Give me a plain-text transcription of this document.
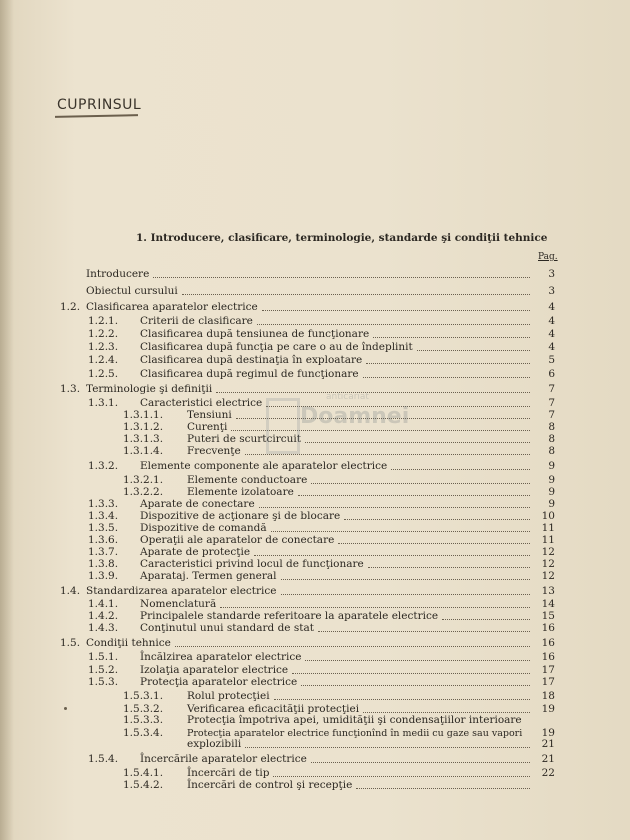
CUPRINSUL
1. Introducere, clasificare, terminologie, standarde şi condiţii tehnice
Pag.
Introducere	3
Obiectul cursului	3
1.2. Clasificarea aparatelor electrice	4
1.2.1. Criterii de clasificare	4
1.2.2. Clasificarea după tensiunea de funcţionare	4
1.2.3. Clasificarea după funcţia pe care o au de îndeplinit	4
1.2.4. Clasificarea după destinaţia în exploatare	5
1.2.5. Clasificarea după regimul de funcţionare	6
1.3. Terminologie şi definiţii	7
1.3.1. Caracteristici electrice	7
1.3.1.1. Tensiuni	7
1.3.1.2. Curenţi	8
1.3.1.3. Puteri de scurtcircuit	8
1.3.1.4. Frecvenţe	8
1.3.2. Elemente componente ale aparatelor electrice	9
1.3.2.1. Elemente conductoare	9
1.3.2.2. Elemente izolatoare	9
1.3.3. Aparate de conectare	9
1.3.4. Dispozitive de acţionare şi de blocare	10
1.3.5. Dispozitive de comandă	11
1.3.6. Operaţii ale aparatelor de conectare	11
1.3.7. Aparate de protecţie	12
1.3.8. Caracteristici privind locul de funcţionare	12
1.3.9. Aparataj. Termen general	12
1.4. Standardizarea aparatelor electrice	13
1.4.1. Nomenclatură	14
1.4.2. Principalele standarde referitoare la aparatele electrice	15
1.4.3. Conţinutul unui standard de stat	16
1.5. Condiţii tehnice	16
1.5.1. Încălzirea aparatelor electrice	16
1.5.2. Izolaţia aparatelor electrice	17
1.5.3. Protecţia aparatelor electrice	17
1.5.3.1. Rolul protecţiei	18
1.5.3.2. Verificarea eficacităţii protecţiei	19
1.5.3.3. Protecţia împotriva apei, umidităţii şi condensaţiilor interioare
1.5.3.4.	Protecţia aparatelor electrice funcţionînd în medii cu gaze sau vapori 19
explozibili	21
1.5.4. Încercările aparatelor electrice	21
1.5.4.1. Încercări de tip	22
1.5.4.2. Încercări de control şi recepţie
anticariat
Doamnei
